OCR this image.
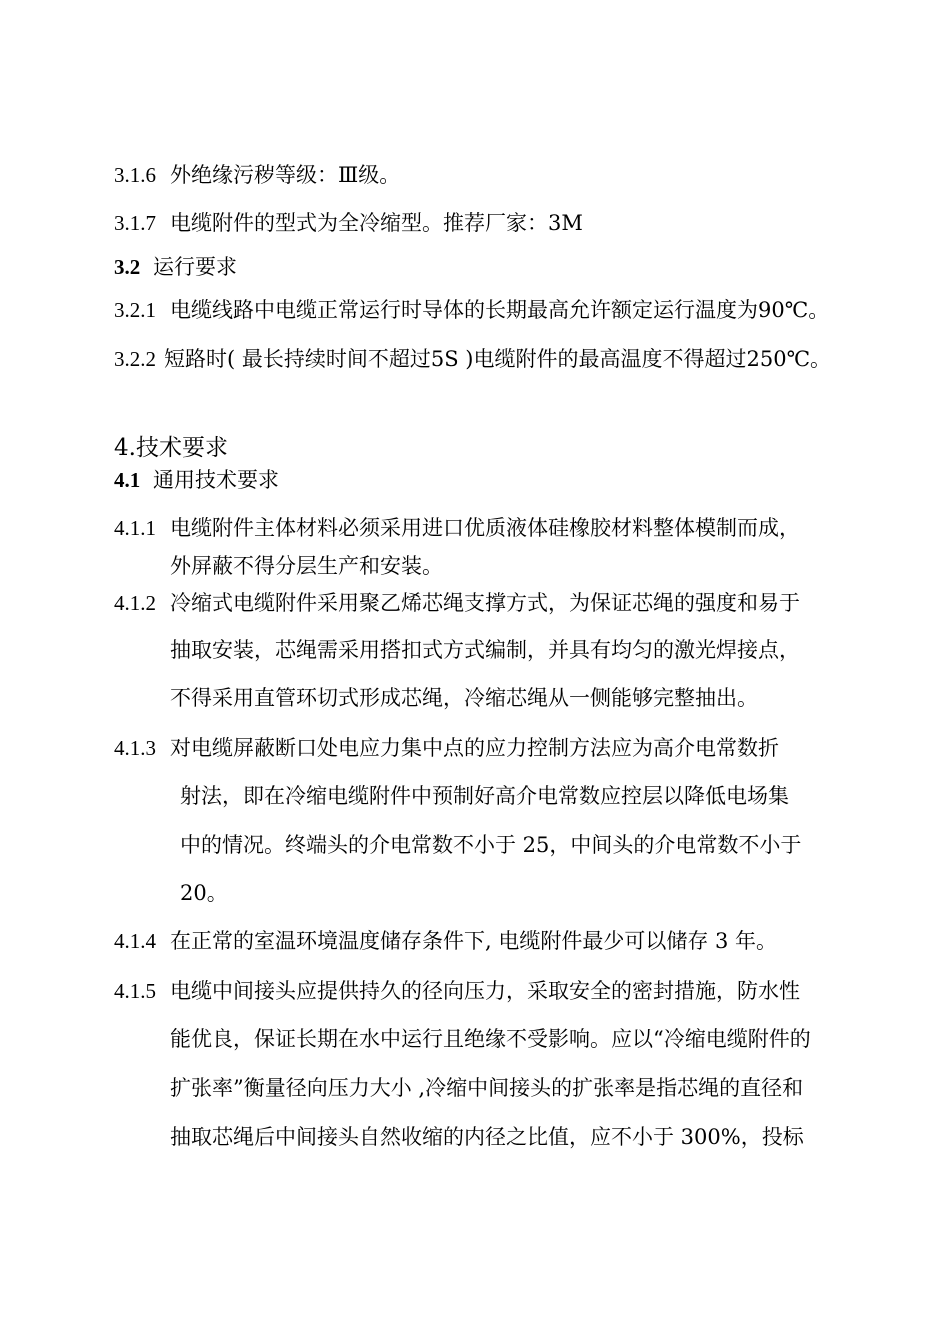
3.1.6 外绝缘污秽等级：Ⅲ级。
3.1.7 电缆附件的型式为全冷缩型。推荐厂家：3M
3.2 运行要求
3.2.1 电缆线路中电缆正常运行时导体的长期最高允许额定运行温度为90℃。
3.2.2 短路时( 最长持续时间不超过5S )电缆附件的最高温度不得超过250℃。
4.技术要求
4.1 通用技术要求
4.1.1 电缆附件主体材料必须采用进口优质液体硅橡胶材料整体模制而成，
外屏蔽不得分层生产和安装。
4.1.2 冷缩式电缆附件采用聚乙烯芯绳支撑方式，为保证芯绳的强度和易于
抽取安装，芯绳需采用搭扣式方式编制，并具有均匀的激光焊接点，
不得采用直管环切式形成芯绳，冷缩芯绳从一侧能够完整抽出。
4.1.3 对电缆屏蔽断口处电应力集中点的应力控制方法应为高介电常数折
射法，即在冷缩电缆附件中预制好高介电常数应控层以降低电场集
中的情况。终端头的介电常数不小于 25，中间头的介电常数不小于
20。
4.1.4 在正常的室温环境温度储存条件下, 电缆附件最少可以储存 3 年。
4.1.5 电缆中间接头应提供持久的径向压力，采取安全的密封措施，防水性
能优良，保证长期在水中运行且绝缘不受影响。应以“冷缩电缆附件的
扩张率”衡量径向压力大小 ,冷缩中间接头的扩张率是指芯绳的直径和
抽取芯绳后中间接头自然收缩的内径之比值，应不小于 300%，投标
